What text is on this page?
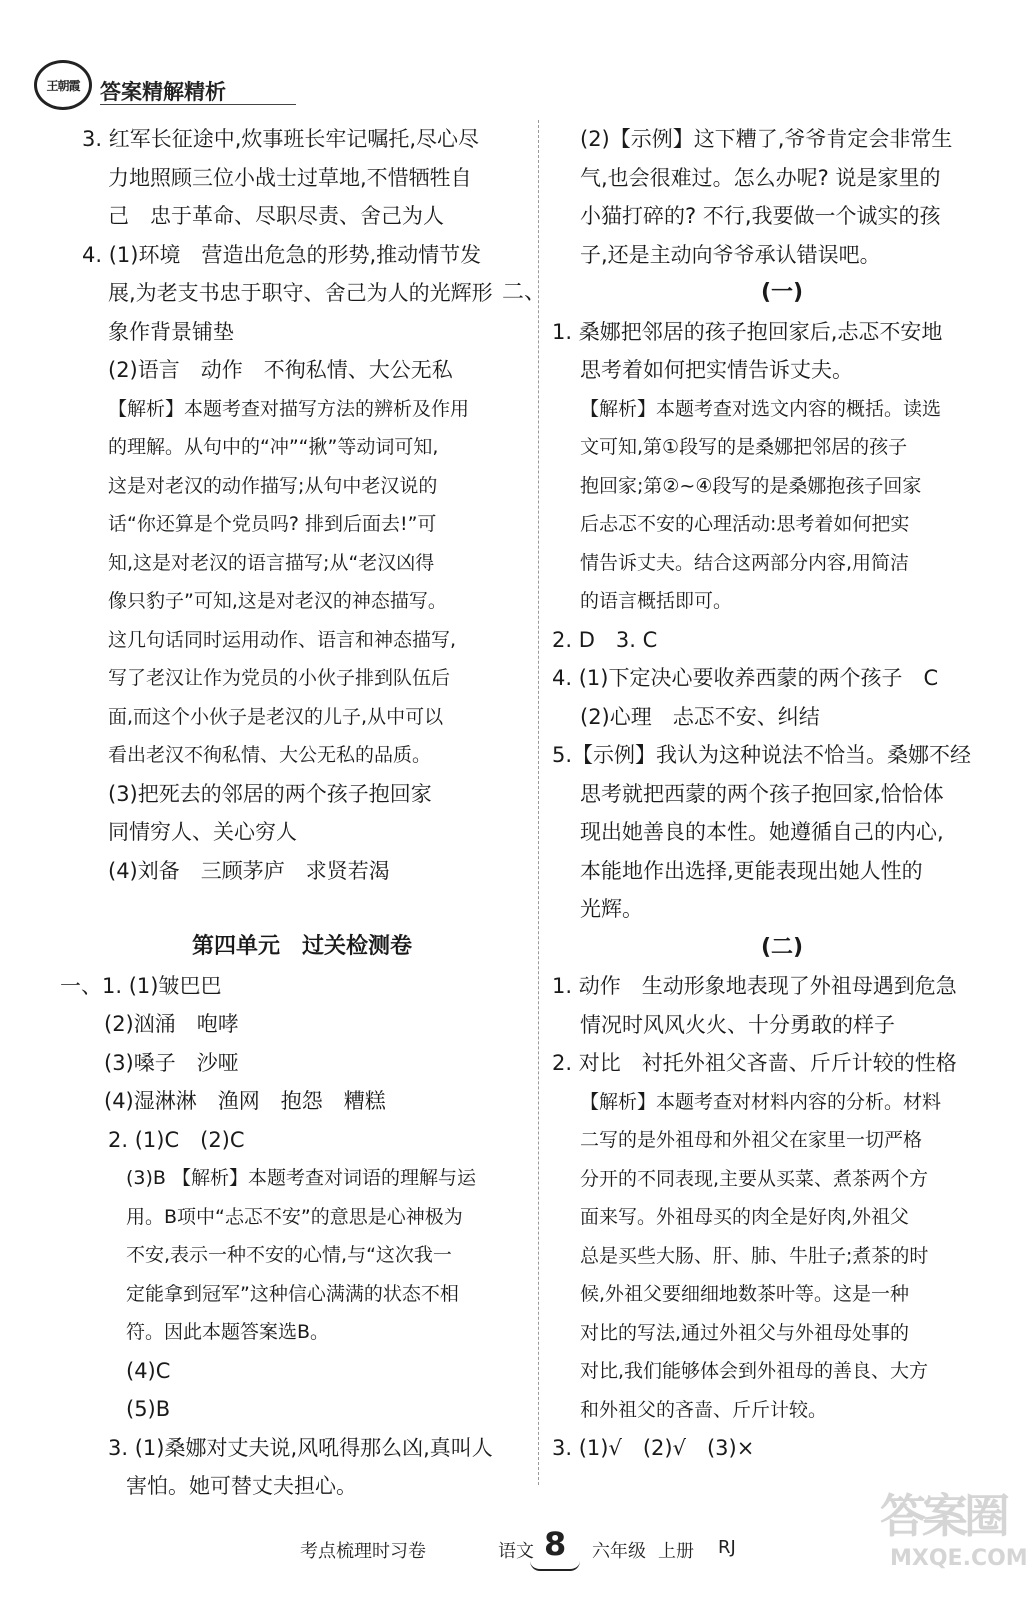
王朝霞 答案精解精析
3. 红军长征途中,炊事班长牢记嘱托,尽心尽
力地照顾三位小战士过草地,不惜牺牲自
己　忠于革命、尽职尽责、舍己为人
4. (1)环境　营造出危急的形势,推动情节发
展,为老支书忠于职守、舍己为人的光辉形
象作背景铺垫
(2)语言　动作　不徇私情、大公无私
【解析】本题考查对描写方法的辨析及作用
的理解。从句中的“冲”“揪”等动词可知,
这是对老汉的动作描写;从句中老汉说的
话“你还算是个党员吗? 排到后面去!”可
知,这是对老汉的语言描写;从“老汉凶得
像只豹子”可知,这是对老汉的神态描写。
这几句话同时运用动作、语言和神态描写,
写了老汉让作为党员的小伙子排到队伍后
面,而这个小伙子是老汉的儿子,从中可以
看出老汉不徇私情、大公无私的品质。
(3)把死去的邻居的两个孩子抱回家
同情穷人、关心穷人
(4)刘备　三顾茅庐　求贤若渴
第四单元　过关检测卷
一、1. (1)皱巴巴
(2)汹涌　咆哮
(3)嗓子　沙哑
(4)湿淋淋　渔网　抱怨　糟糕
2. (1)C　(2)C
(3)B 【解析】本题考查对词语的理解与运
用。B项中“忐忑不安”的意思是心神极为
不安,表示一种不安的心情,与“这次我一
定能拿到冠军”这种信心满满的状态不相
符。因此本题答案选B。
(4)C
(5)B
3. (1)桑娜对丈夫说,风吼得那么凶,真叫人
害怕。她可替丈夫担心。
(2)【示例】这下糟了,爷爷肯定会非常生
气,也会很难过。怎么办呢? 说是家里的
小猫打碎的? 不行,我要做一个诚实的孩
子,还是主动向爷爷承认错误吧。
二、	(一)
1. 桑娜把邻居的孩子抱回家后,忐忑不安地
思考着如何把实情告诉丈夫。
【解析】本题考查对选文内容的概括。读选
文可知,第①段写的是桑娜把邻居的孩子
抱回家;第②~④段写的是桑娜抱孩子回家
后忐忑不安的心理活动:思考着如何把实
情告诉丈夫。结合这两部分内容,用简洁
的语言概括即可。
2. D　3. C
4. (1)下定决心要收养西蒙的两个孩子　C
(2)心理　忐忑不安、纠结
5.【示例】我认为这种说法不恰当。桑娜不经
思考就把西蒙的两个孩子抱回家,恰恰体
现出她善良的本性。她遵循自己的内心,
本能地作出选择,更能表现出她人性的
光辉。
(二)
1. 动作　生动形象地表现了外祖母遇到危急
情况时风风火火、十分勇敢的样子
2. 对比　衬托外祖父吝啬、斤斤计较的性格
【解析】本题考查对材料内容的分析。材料
二写的是外祖母和外祖父在家里一切严格
分开的不同表现,主要从买菜、煮茶两个方
面来写。外祖母买的肉全是好肉,外祖父
总是买些大肠、肝、肺、牛肚子;煮茶的时
候,外祖父要细细地数茶叶等。这是一种
对比的写法,通过外祖父与外祖母处事的
对比,我们能够体会到外祖母的善良、大方
和外祖父的吝啬、斤斤计较。
3. (1)√　(2)√　(3)×
考点梳理时习卷	语文 8 六年级 上册 RJ
答案圈
MXQE.COM
